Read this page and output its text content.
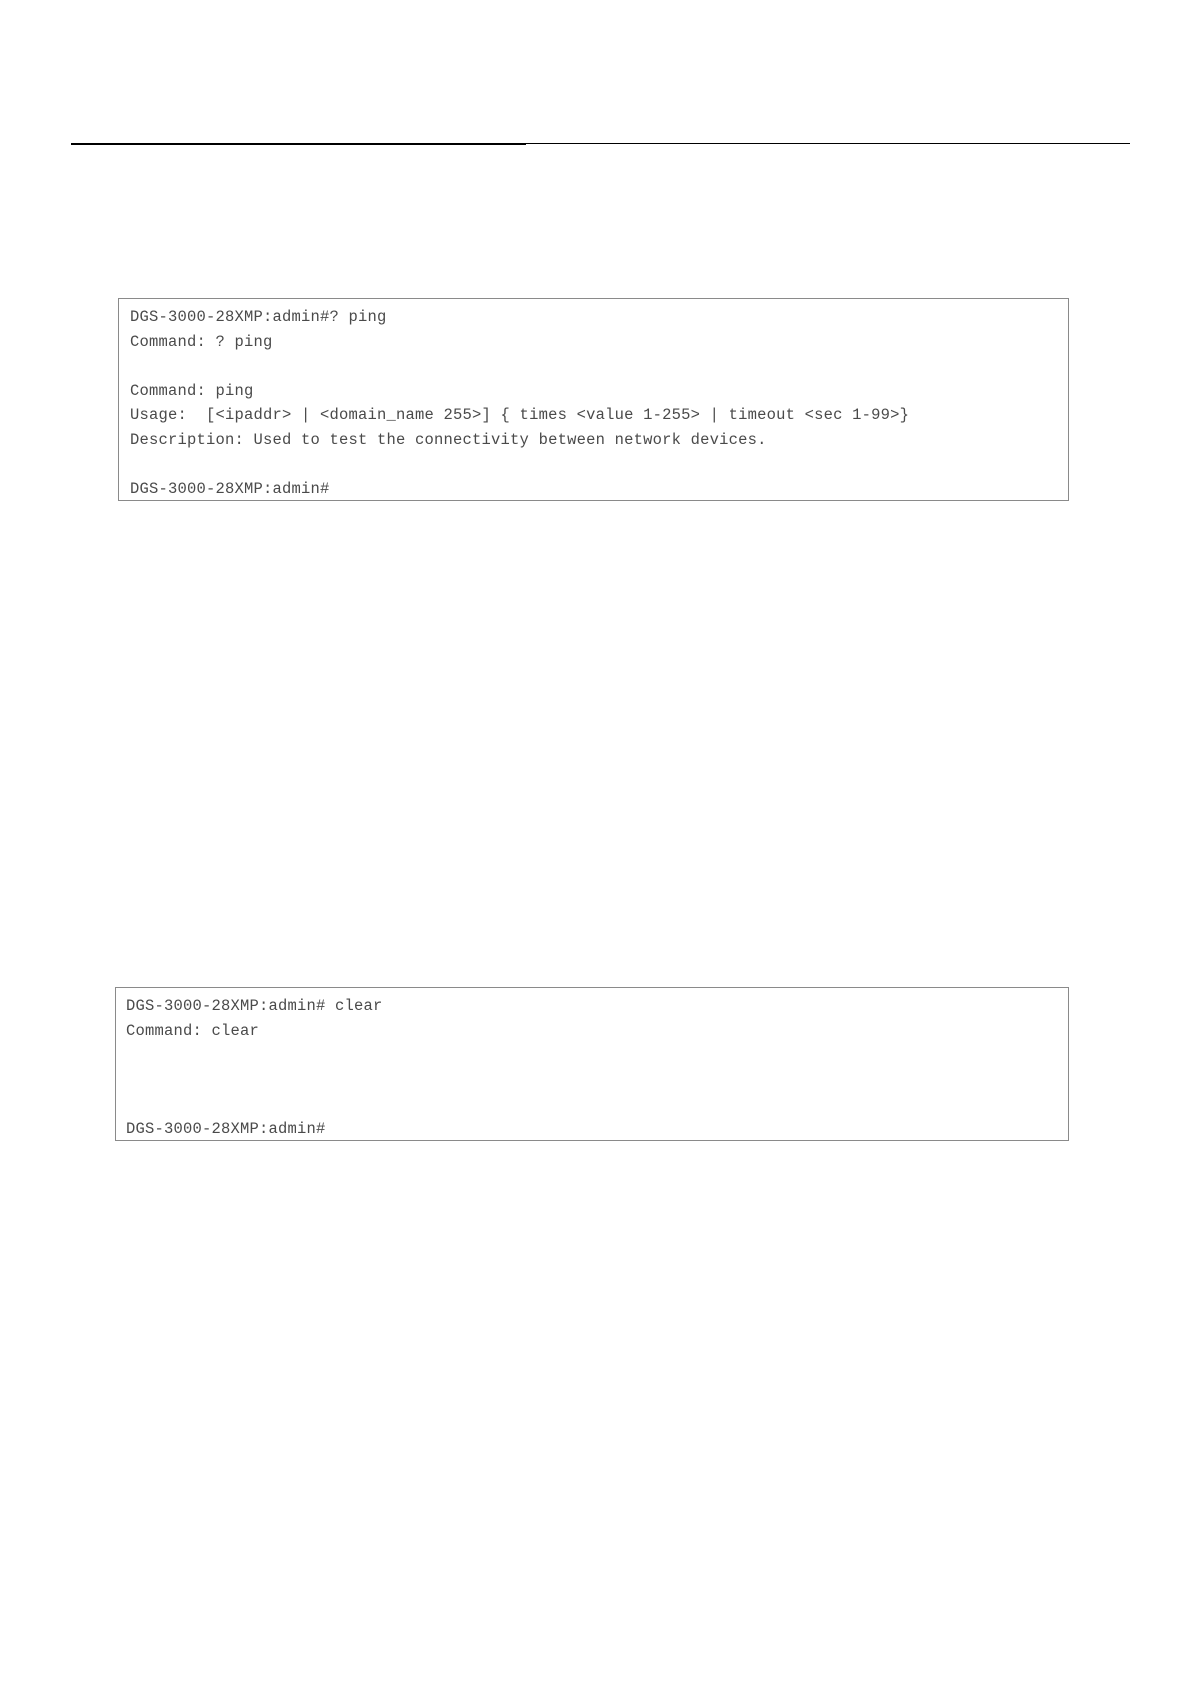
DGS-3000-28XMP:admin#? ping
Command: ? ping
Command: ping
Usage:  [<ipaddr> | <domain_name 255>] { times <value 1-255> | timeout <sec 1-99>}
Description: Used to test the connectivity between network devices.
DGS-3000-28XMP:admin#
DGS-3000-28XMP:admin# clear
Command: clear
DGS-3000-28XMP:admin#
